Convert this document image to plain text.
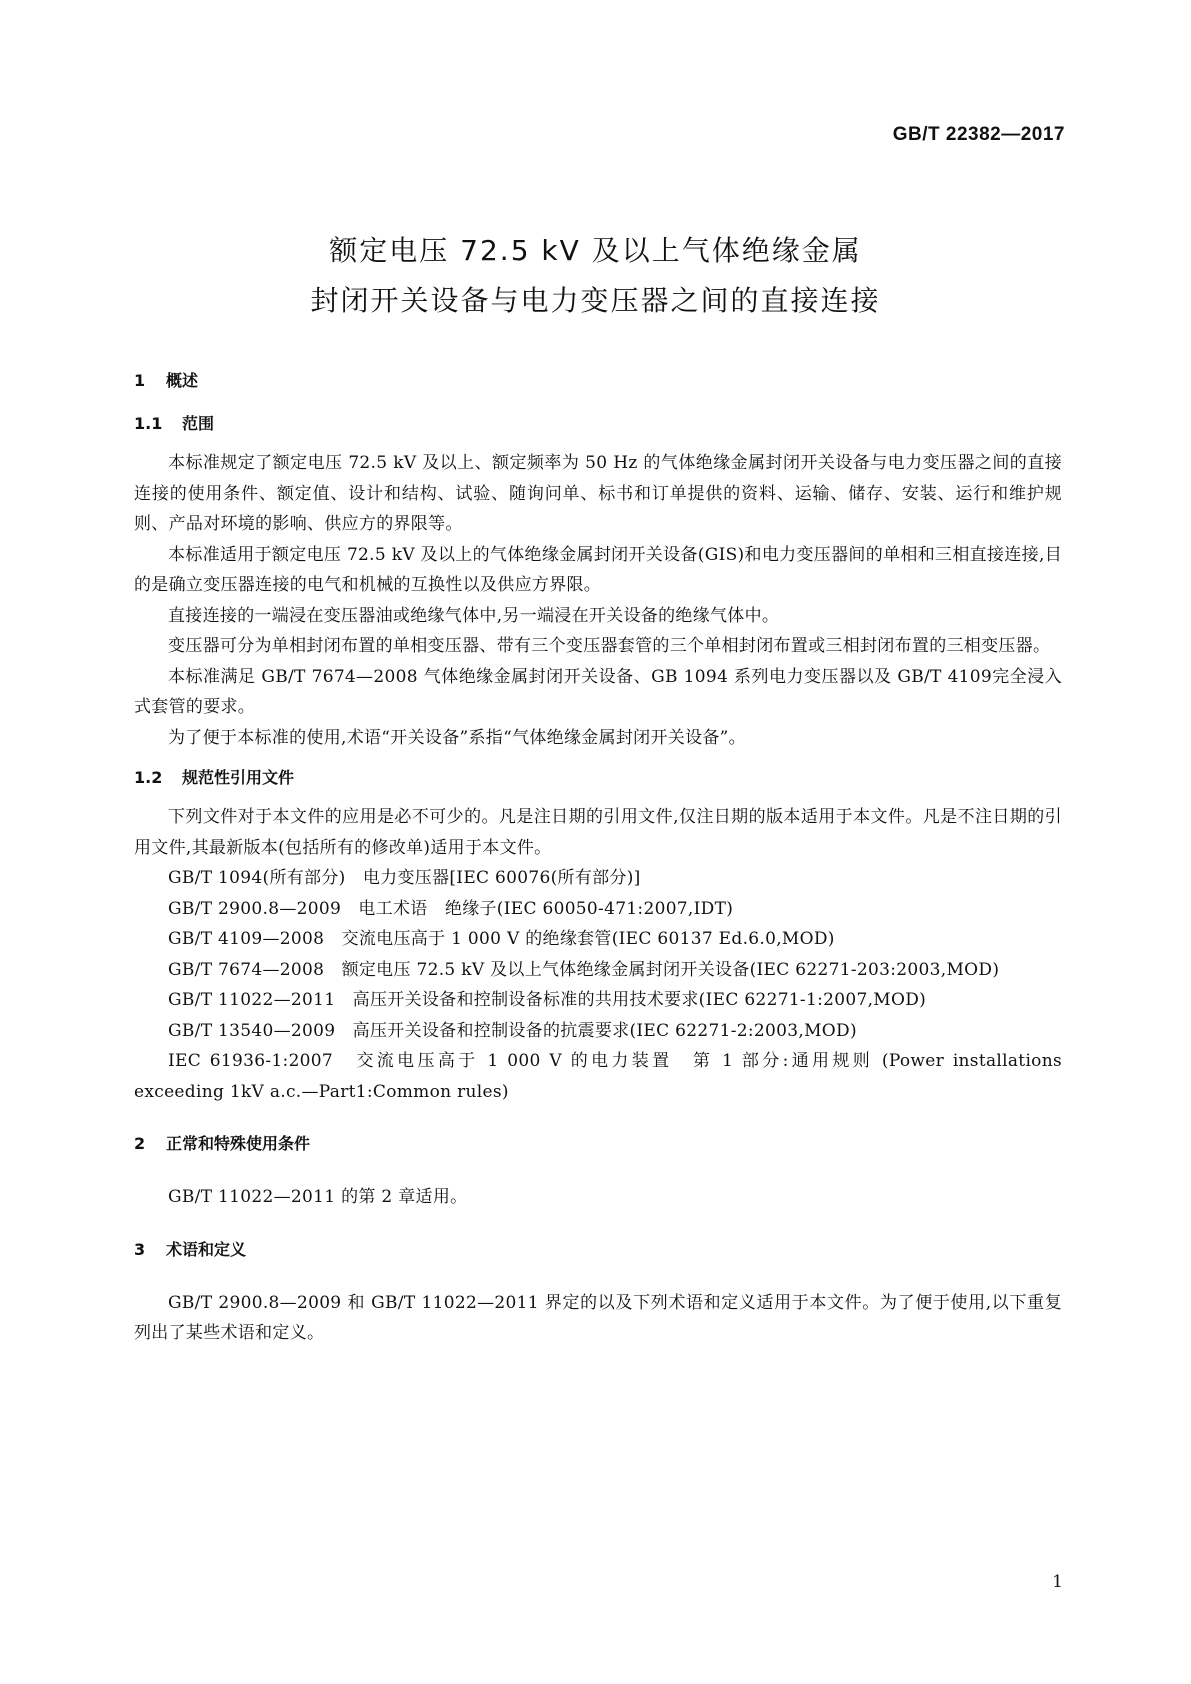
GB/T 22382—2017
额定电压 72.5 kV 及以上气体绝缘金属
封闭开关设备与电力变压器之间的直接连接
1 概述
1.1 范围

本标准规定了额定电压 72.5 kV 及以上、额定频率为 50 Hz 的气体绝缘金属封闭开关设备与电力变压器之间的直接连接的使用条件、额定值、设计和结构、试验、随询问单、标书和订单提供的资料、运输、储存、安装、运行和维护规则、产品对环境的影响、供应方的界限等。

本标准适用于额定电压 72.5 kV 及以上的气体绝缘金属封闭开关设备(GIS)和电力变压器间的单相和三相直接连接,目的是确立变压器连接的电气和机械的互换性以及供应方界限。

直接连接的一端浸在变压器油或绝缘气体中,另一端浸在开关设备的绝缘气体中。

变压器可分为单相封闭布置的单相变压器、带有三个变压器套管的三个单相封闭布置或三相封闭布置的三相变压器。

本标准满足 GB/T 7674—2008 气体绝缘金属封闭开关设备、GB 1094 系列电力变压器以及 GB/T 4109完全浸入式套管的要求。

为了便于本标准的使用,术语“开关设备”系指“气体绝缘金属封闭开关设备”。

1.2 规范性引用文件

下列文件对于本文件的应用是必不可少的。凡是注日期的引用文件,仅注日期的版本适用于本文件。凡是不注日期的引用文件,其最新版本(包括所有的修改单)适用于本文件。

GB/T 1094(所有部分)　电力变压器[IEC 60076(所有部分)]

GB/T 2900.8—2009　电工术语　绝缘子(IEC 60050-471:2007,IDT)

GB/T 4109—2008　交流电压高于 1 000 V 的绝缘套管(IEC 60137 Ed.6.0,MOD)

GB/T 7674—2008　额定电压 72.5 kV 及以上气体绝缘金属封闭开关设备(IEC 62271-203:2003,MOD)

GB/T 11022—2011　高压开关设备和控制设备标准的共用技术要求(IEC 62271-1:2007,MOD)

GB/T 13540—2009　高压开关设备和控制设备的抗震要求(IEC 62271-2:2003,MOD)

IEC 61936-1:2007　交流电压高于 1 000 V 的电力装置　第 1 部分:通用规则 (Power installations exceeding 1kV a.c.—Part1:Common rules)

2 正常和特殊使用条件

GB/T 11022—2011 的第 2 章适用。

3 术语和定义

GB/T 2900.8—2009 和 GB/T 11022—2011 界定的以及下列术语和定义适用于本文件。为了便于使用,以下重复列出了某些术语和定义。

1
